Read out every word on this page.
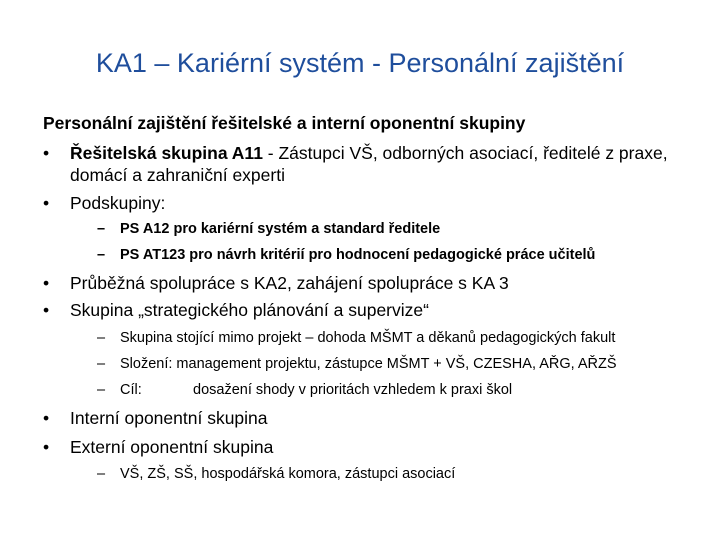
KA1 – Kariérní systém - Personální zajištění
Personální zajištění řešitelské a interní oponentní skupiny
• Řešitelská skupina A11 - Zástupci VŠ, odborných asociací, ředitelé z praxe,
domácí a zahraniční experti
• Podskupiny:
– PS A12 pro kariérní systém a standard ředitele
– PS AT123 pro návrh kritérií pro hodnocení pedagogické práce učitelů
• Průběžná spolupráce s KA2, zahájení spolupráce s KA 3
• Skupina „strategického plánování a supervize“
– Skupina stojící mimo projekt – dohoda MŠMT a děkanů pedagogických fakult
– Složení: management projektu, zástupce MŠMT + VŠ, CZESHA, AŘG, AŘZŠ
– Cíl:	dosažení shody v prioritách vzhledem k praxi škol
• Interní oponentní skupina
• Externí oponentní skupina
– VŠ, ZŠ, SŠ, hospodářská komora, zástupci asociací
